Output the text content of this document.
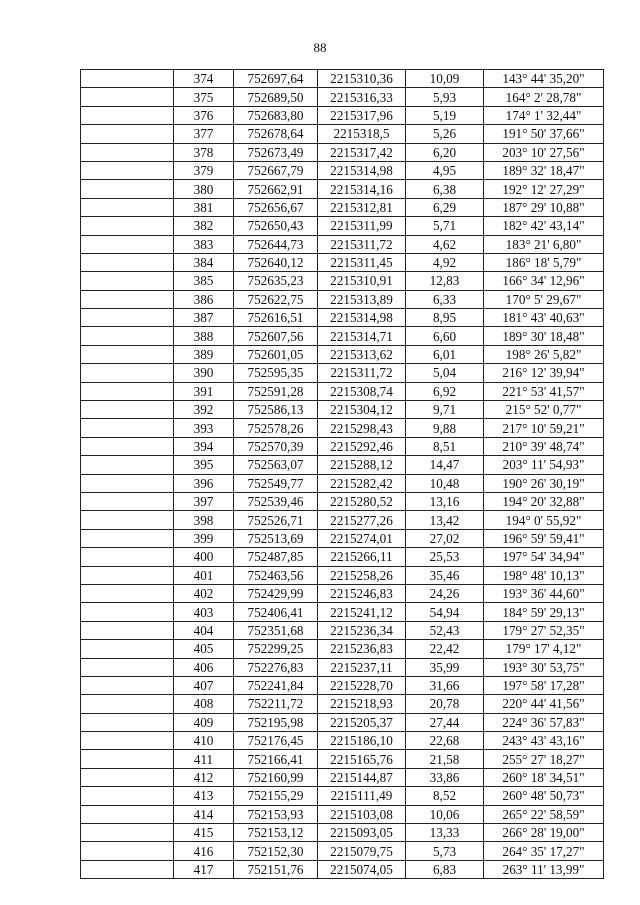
88
	374	752697,64	2215310,36	10,09	143° 44' 35,20"
	375	752689,50	2215316,33	5,93	164° 2' 28,78"
	376	752683,80	2215317,96	5,19	174° 1' 32,44"
	377	752678,64	2215318,5	5,26	191° 50' 37,66"
	378	752673,49	2215317,42	6,20	203° 10' 27,56"
	379	752667,79	2215314,98	4,95	189° 32' 18,47"
	380	752662,91	2215314,16	6,38	192° 12' 27,29"
	381	752656,67	2215312,81	6,29	187° 29' 10,88"
	382	752650,43	2215311,99	5,71	182° 42' 43,14"
	383	752644,73	2215311,72	4,62	183° 21' 6,80"
	384	752640,12	2215311,45	4,92	186° 18' 5,79"
	385	752635,23	2215310,91	12,83	166° 34' 12,96"
	386	752622,75	2215313,89	6,33	170° 5' 29,67"
	387	752616,51	2215314,98	8,95	181° 43' 40,63"
	388	752607,56	2215314,71	6,60	189° 30' 18,48"
	389	752601,05	2215313,62	6,01	198° 26' 5,82"
	390	752595,35	2215311,72	5,04	216° 12' 39,94"
	391	752591,28	2215308,74	6,92	221° 53' 41,57"
	392	752586,13	2215304,12	9,71	215° 52' 0,77"
	393	752578,26	2215298,43	9,88	217° 10' 59,21"
	394	752570,39	2215292,46	8,51	210° 39' 48,74"
	395	752563,07	2215288,12	14,47	203° 11' 54,93"
	396	752549,77	2215282,42	10,48	190° 26' 30,19"
	397	752539,46	2215280,52	13,16	194° 20' 32,88"
	398	752526,71	2215277,26	13,42	194° 0' 55,92"
	399	752513,69	2215274,01	27,02	196° 59' 59,41"
	400	752487,85	2215266,11	25,53	197° 54' 34,94"
	401	752463,56	2215258,26	35,46	198° 48' 10,13"
	402	752429,99	2215246,83	24,26	193° 36' 44,60"
	403	752406,41	2215241,12	54,94	184° 59' 29,13"
	404	752351,68	2215236,34	52,43	179° 27' 52,35"
	405	752299,25	2215236,83	22,42	179° 17' 4,12"
	406	752276,83	2215237,11	35,99	193° 30' 53,75"
	407	752241,84	2215228,70	31,66	197° 58' 17,28"
	408	752211,72	2215218,93	20,78	220° 44' 41,56"
	409	752195,98	2215205,37	27,44	224° 36' 57,83"
	410	752176,45	2215186,10	22,68	243° 43' 43,16"
	411	752166,41	2215165,76	21,58	255° 27' 18,27"
	412	752160,99	2215144,87	33,86	260° 18' 34,51"
	413	752155,29	2215111,49	8,52	260° 48' 50,73"
	414	752153,93	2215103,08	10,06	265° 22' 58,59"
	415	752153,12	2215093,05	13,33	266° 28' 19,00"
	416	752152,30	2215079,75	5,73	264° 35' 17,27"
	417	752151,76	2215074,05	6,83	263° 11' 13,99"
